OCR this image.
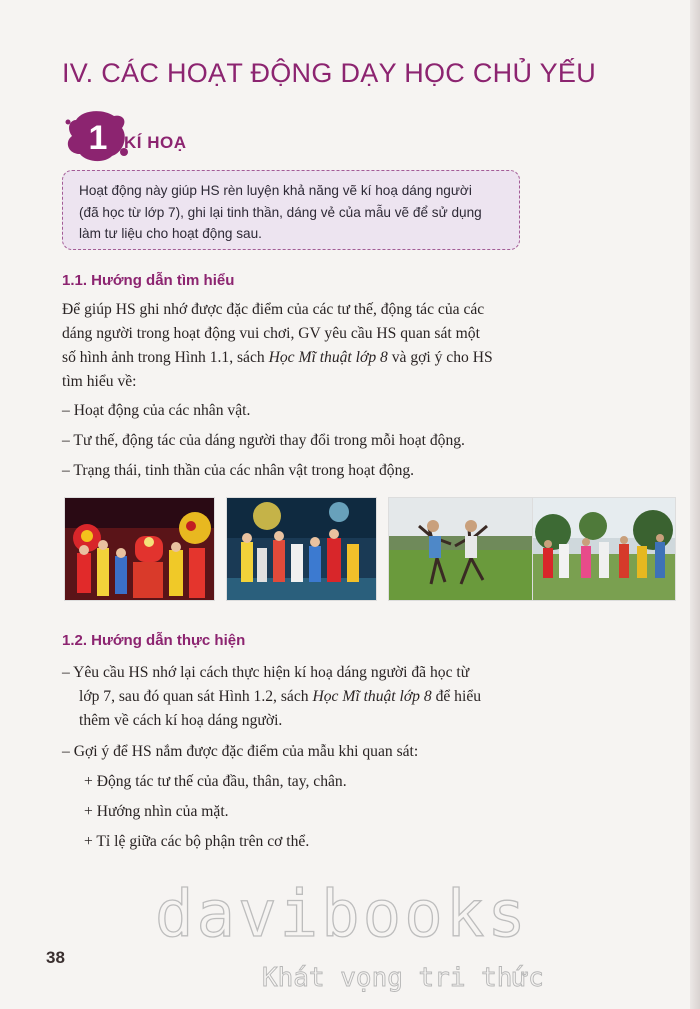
IV. CÁC HOẠT ĐỘNG DẠY HỌC CHỦ YẾU
1 KÍ HOẠ
Hoạt động này giúp HS rèn luyện khả năng vẽ kí hoạ dáng người
(đã học từ lớp 7), ghi lại tinh thần, dáng vẻ của mẫu vẽ để sử dụng
làm tư liệu cho hoạt động sau.
1.1. Hướng dẫn tìm hiểu
Để giúp HS ghi nhớ được đặc điểm của các tư thế, động tác của các
dáng người trong hoạt động vui chơi, GV yêu cầu HS quan sát một
số hình ảnh trong Hình 1.1, sách Học Mĩ thuật lớp 8 và gợi ý cho HS
tìm hiểu về:
– Hoạt động của các nhân vật.
– Tư thế, động tác của dáng người thay đổi trong mỗi hoạt động.
– Trạng thái, tinh thần của các nhân vật trong hoạt động.
1.2. Hướng dẫn thực hiện
– Yêu cầu HS nhớ lại cách thực hiện kí hoạ dáng người đã học từ
lớp 7, sau đó quan sát Hình 1.2, sách Học Mĩ thuật lớp 8 để hiểu
thêm về cách kí hoạ dáng người.
– Gợi ý để HS nắm được đặc điểm của mẫu khi quan sát:
+ Động tác tư thế của đầu, thân, tay, chân.
+ Hướng nhìn của mặt.
+ Tỉ lệ giữa các bộ phận trên cơ thể.
davibooks
Khát vọng tri thức
38
